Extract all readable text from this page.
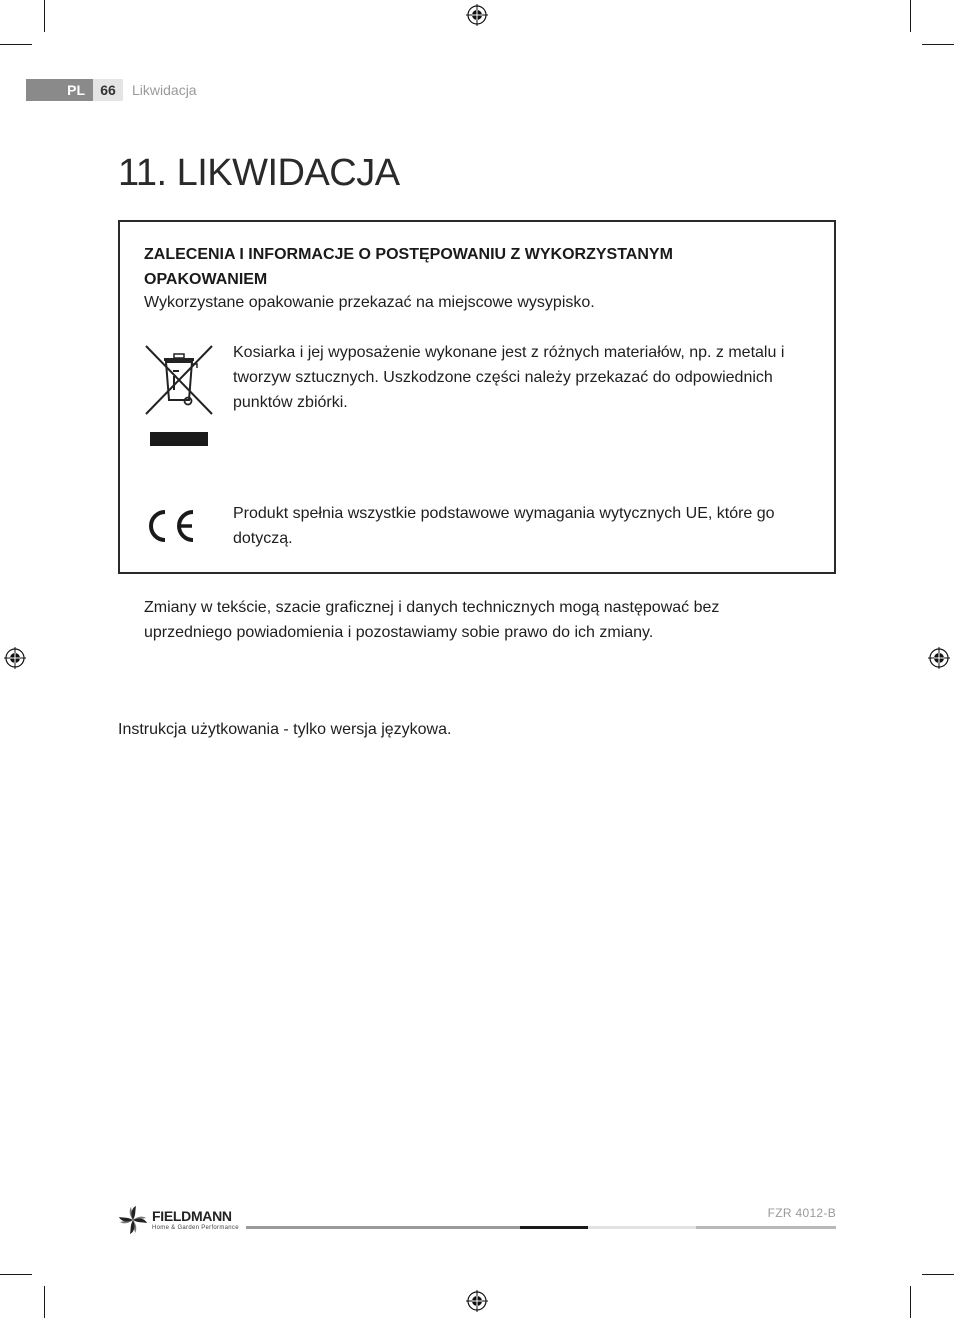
PL	66	Likwidacja
11. LIKWIDACJA
ZALECENIA I INFORMACJE O POSTĘPOWANIU Z WYKORZYSTANYM OPAKOWANIEM
Wykorzystane opakowanie przekazać na miejscowe wysypisko.
Kosiarka i jej wyposażenie wykonane jest z różnych materiałów, np. z metalu i tworzyw sztucznych. Uszkodzone części należy przekazać do odpowiednich punktów zbiórki.
Produkt spełnia wszystkie podstawowe wymagania wytycznych UE, które go dotyczą.
Zmiany w tekście, szacie graficznej i danych technicznych mogą następować bez uprzedniego powiadomienia i pozostawiamy sobie prawo do ich zmiany.
Instrukcja użytkowania - tylko wersja językowa.
FIELDMANN
Home & Garden Performance
FZR 4012-B
